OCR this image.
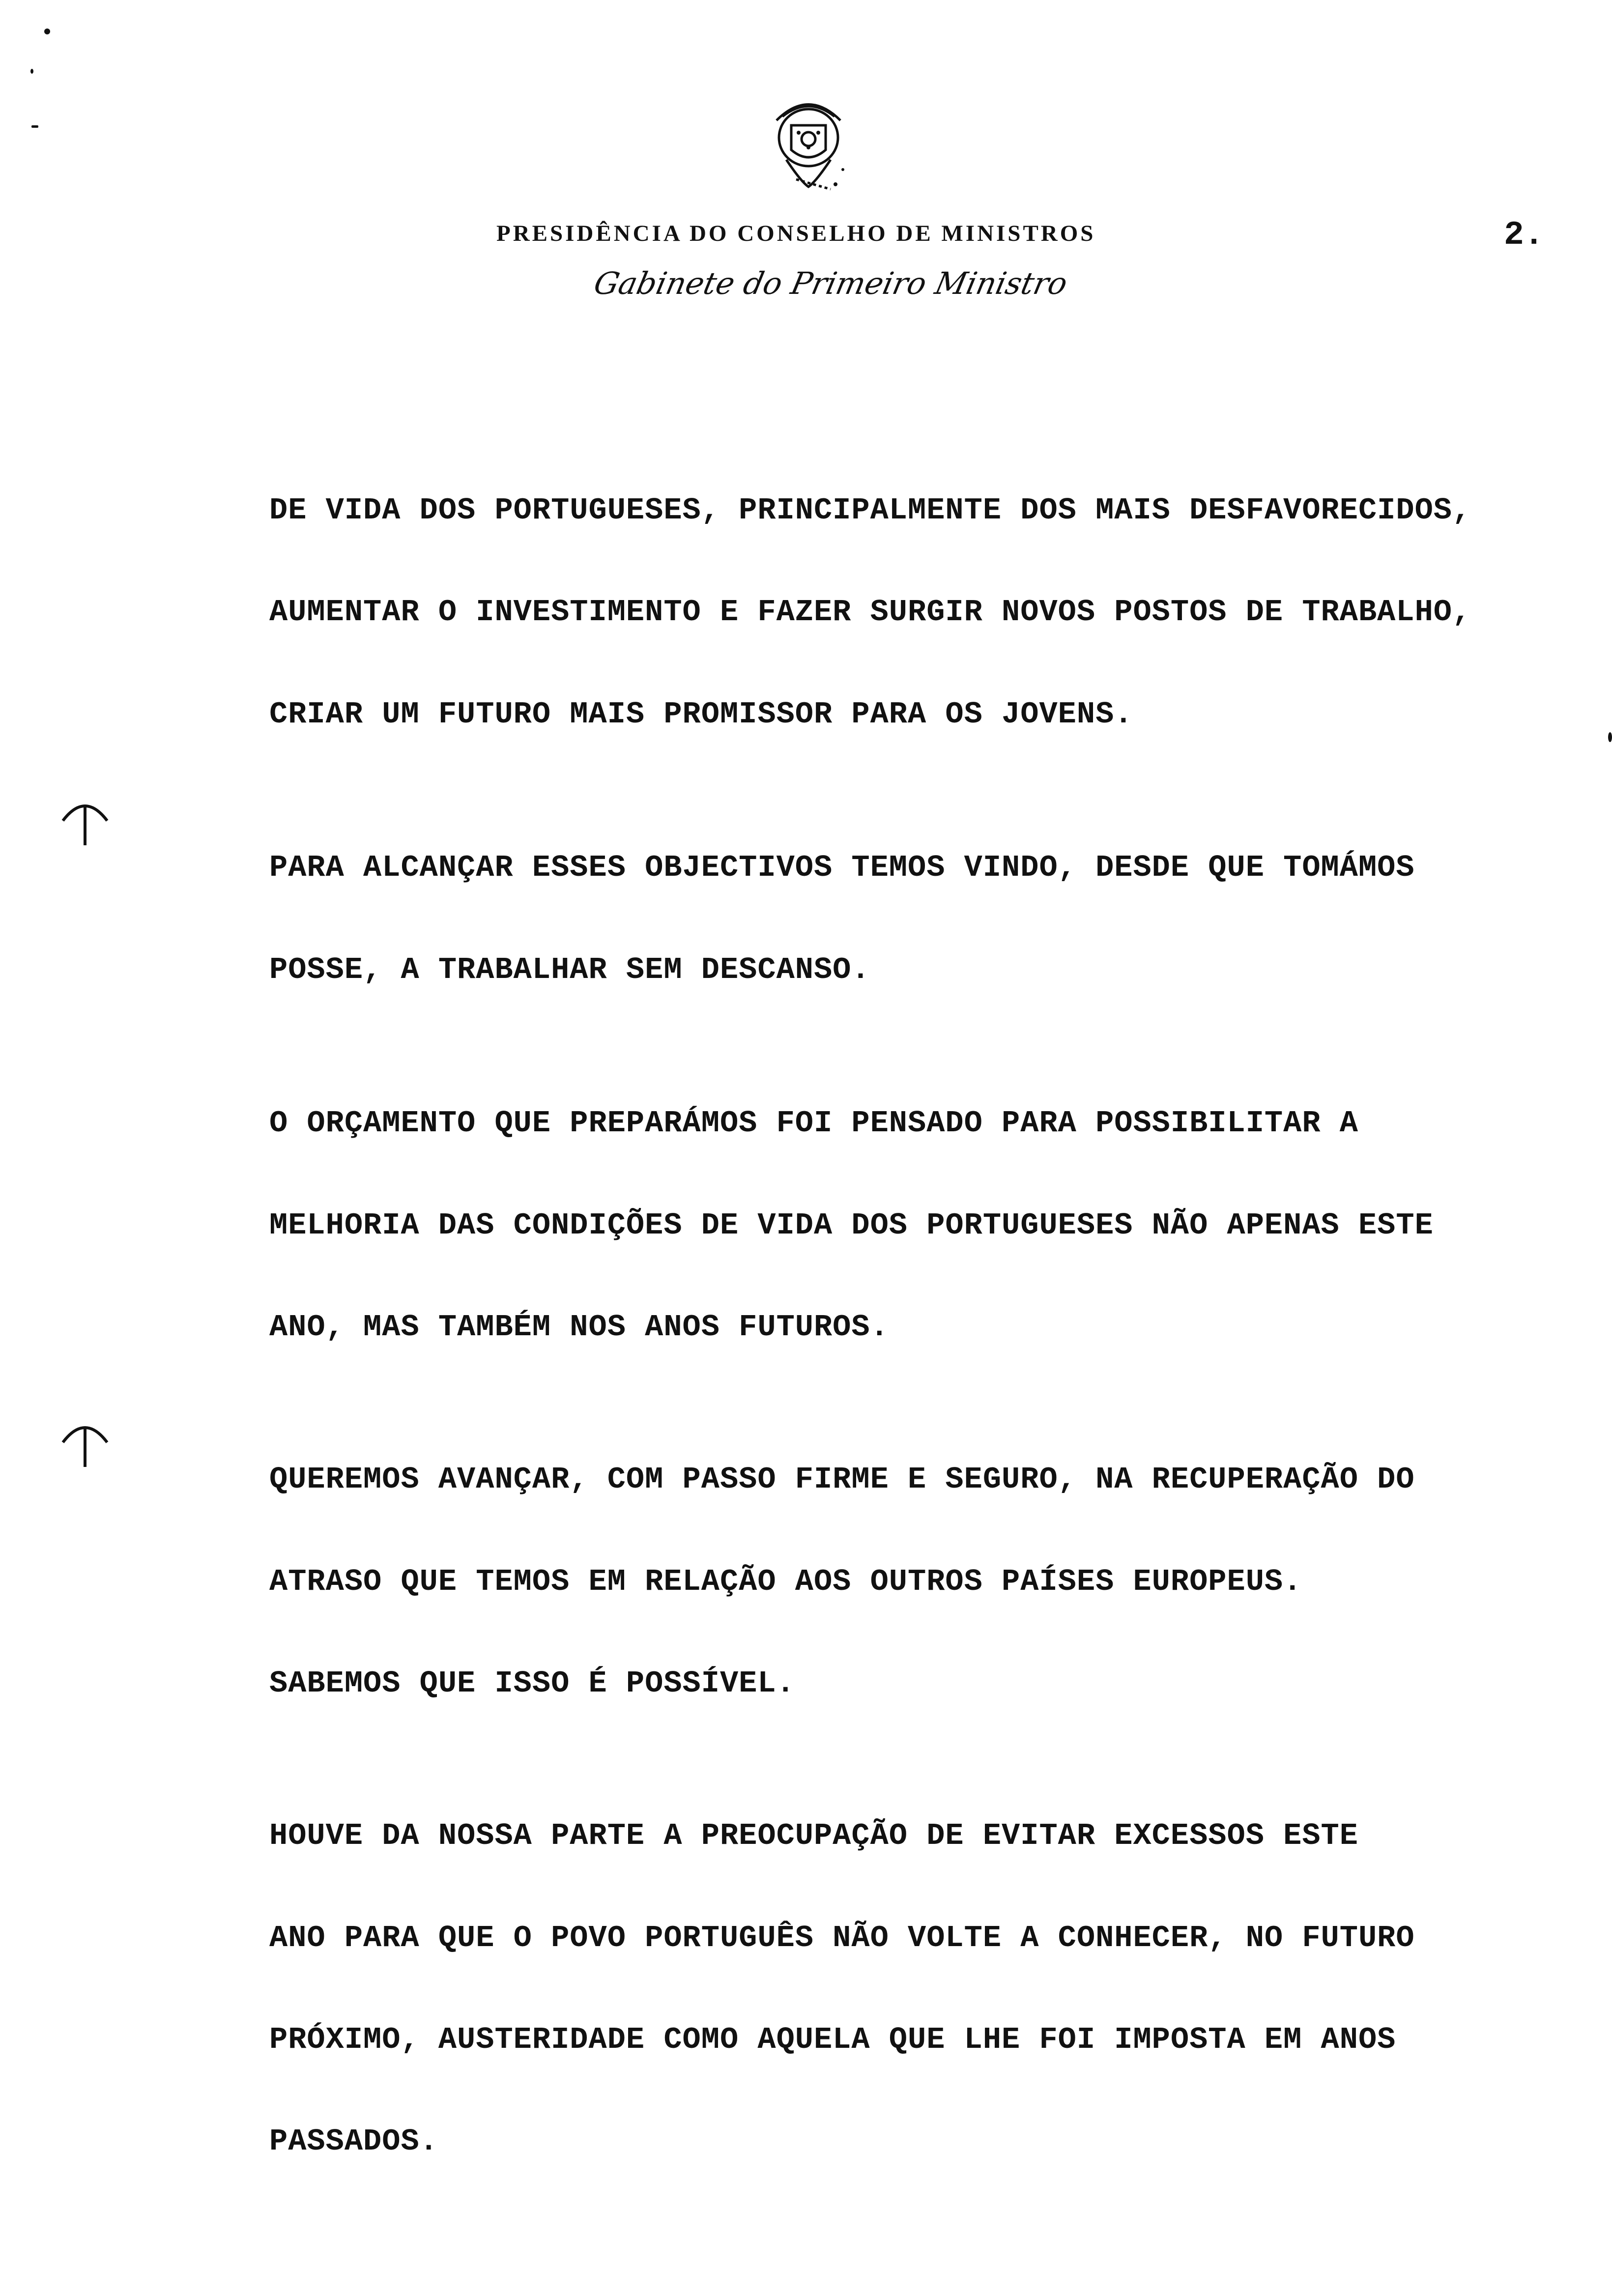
PRESIDÊNCIA DO CONSELHO DE MINISTROS
Gabinete do Primeiro Ministro
2.
DE VIDA DOS PORTUGUESES, PRINCIPALMENTE DOS MAIS DESFAVORECIDOS,
AUMENTAR O INVESTIMENTO E FAZER SURGIR NOVOS POSTOS DE TRABALHO,
CRIAR UM FUTURO MAIS PROMISSOR PARA OS JOVENS.
PARA ALCANÇAR ESSES OBJECTIVOS TEMOS VINDO, DESDE QUE TOMÁMOS
POSSE, A TRABALHAR SEM DESCANSO.
O ORÇAMENTO QUE PREPARÁMOS FOI PENSADO PARA POSSIBILITAR A
MELHORIA DAS CONDIÇÕES DE VIDA DOS PORTUGUESES NÃO APENAS ESTE
ANO, MAS TAMBÉM NOS ANOS FUTUROS.
QUEREMOS AVANÇAR, COM PASSO FIRME E SEGURO, NA RECUPERAÇÃO DO
ATRASO QUE TEMOS EM RELAÇÃO AOS OUTROS PAÍSES EUROPEUS.
SABEMOS QUE ISSO É POSSÍVEL.
HOUVE DA NOSSA PARTE A PREOCUPAÇÃO DE EVITAR EXCESSOS ESTE
ANO PARA QUE O POVO PORTUGUÊS NÃO VOLTE A CONHECER, NO FUTURO
PRÓXIMO, AUSTERIDADE COMO AQUELA QUE LHE FOI IMPOSTA EM ANOS
PASSADOS.
